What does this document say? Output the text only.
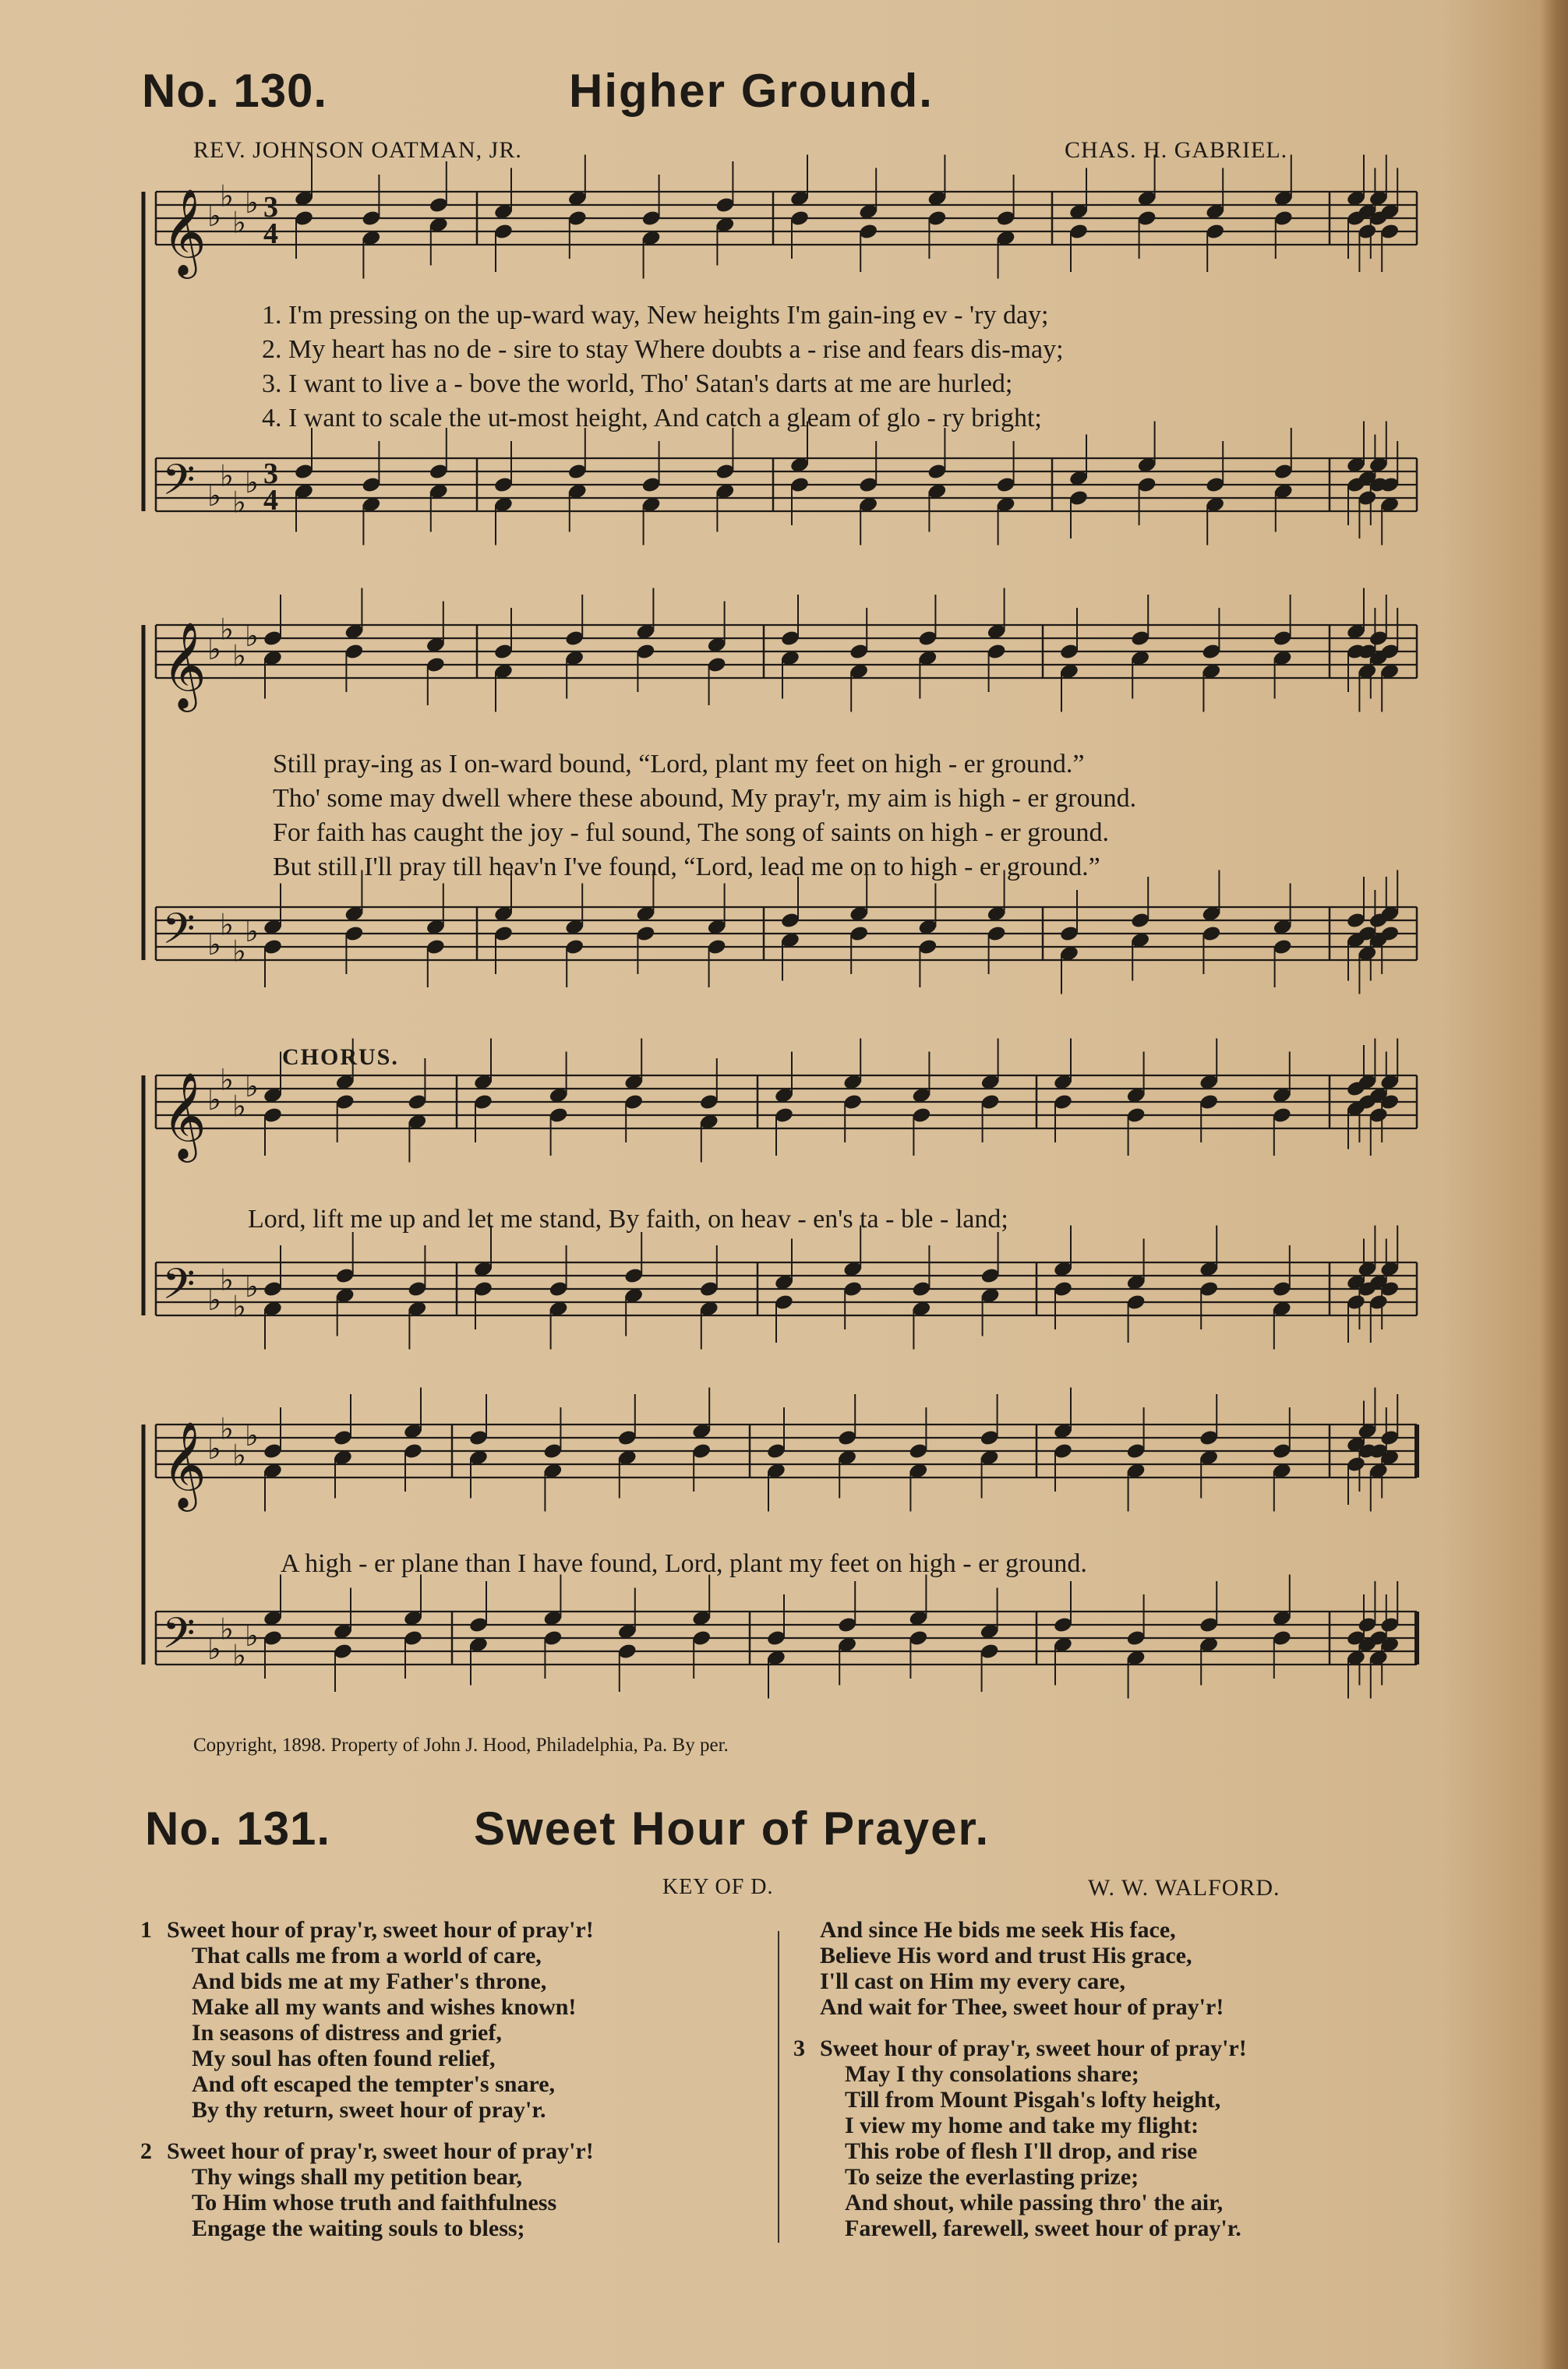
𝄞 ♭
♭
♭
♭ 3
4
𝄢 ♭
♭
♭
♭ 3
4
𝄞 ♭
♭
♭
♭
𝄢 ♭
♭
♭
♭
𝄞 ♭
♭
♭
♭
𝄢 ♭
♭
♭
♭
𝄞 ♭
♭
♭
♭
𝄢 ♭
♭
♭
♭
No. 130.	Higher Ground.
REV. JOHNSON OATMAN, JR.	CHAS. H. GABRIEL.
1. I'm pressing on the up-ward way, New heights I'm gain-ing ev - 'ry day;
2. My heart has no de - sire to stay Where doubts a - rise and fears dis-may;
3. I want to live a - bove the world, Tho' Satan's darts at me are hurled;
4. I want to scale the ut-most height, And catch a gleam of glo - ry bright;
Still pray-ing as I on-ward bound, “Lord, plant my feet on high - er ground.”
Tho' some may dwell where these abound, My pray'r, my aim is high - er ground.
For faith has caught the joy - ful sound, The song of saints on high - er ground.
But still I'll pray till heav'n I've found, “Lord, lead me on to high - er ground.”
CHORUS.
Lord, lift me up and let me stand, By faith, on heav - en's ta - ble - land;
A high - er plane than I have found, Lord, plant my feet on high - er ground.
Copyright, 1898. Property of John J. Hood, Philadelphia, Pa. By per.
No. 131.	Sweet Hour of Prayer.
KEY OF D.	W. W. WALFORD.
1 Sweet hour of pray'r, sweet hour of pray'r!
That calls me from a world of care,
And bids me at my Father's throne,
Make all my wants and wishes known!
In seasons of distress and grief,
My soul has often found relief,
And oft escaped the tempter's snare,
By thy return, sweet hour of pray'r.
2 Sweet hour of pray'r, sweet hour of pray'r!
Thy wings shall my petition bear,
To Him whose truth and faithfulness
Engage the waiting souls to bless;
And since He bids me seek His face,
Believe His word and trust His grace,
I'll cast on Him my every care,
And wait for Thee, sweet hour of pray'r!
3 Sweet hour of pray'r, sweet hour of pray'r!
May I thy consolations share;
Till from Mount Pisgah's lofty height,
I view my home and take my flight:
This robe of flesh I'll drop, and rise
To seize the everlasting prize;
And shout, while passing thro' the air,
Farewell, farewell, sweet hour of pray'r.
